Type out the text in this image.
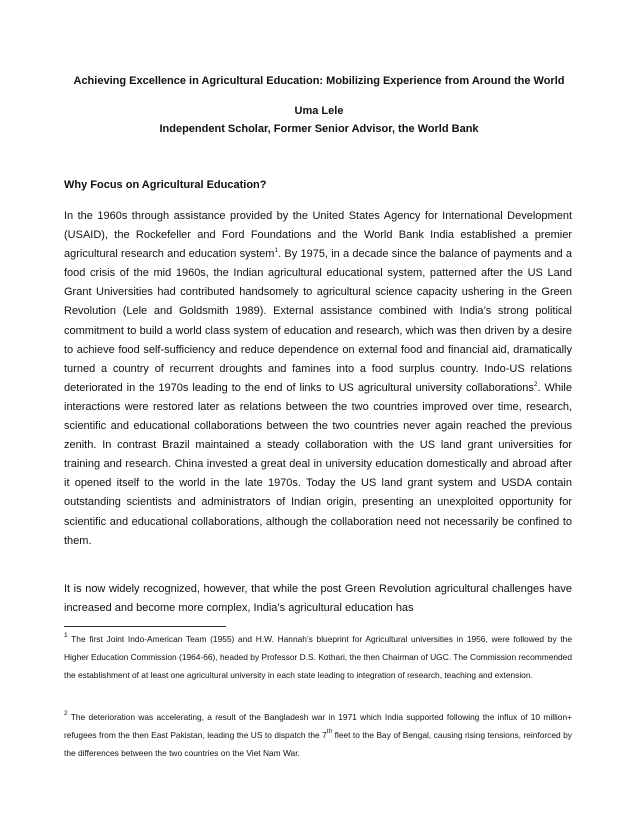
Achieving Excellence in Agricultural Education: Mobilizing Experience from Around the World
Uma Lele
Independent Scholar, Former Senior Advisor, the World Bank
Why Focus on Agricultural Education?

In the 1960s through assistance provided by the United States Agency for International Development (USAID), the Rockefeller and Ford Foundations and the World Bank India established a premier agricultural research and education system$^1$. By 1975, in a decade since the balance of payments and a food crisis of the mid 1960s, the Indian agricultural educational system, patterned after the US Land Grant Universities had contributed handsomely to agricultural science capacity ushering in the Green Revolution (Lele and Goldsmith 1989). External assistance combined with India’s strong political commitment to build a world class system of education and research, which was then driven by a desire to achieve food self-sufficiency and reduce dependence on external food and financial aid, dramatically turned a country of recurrent droughts and famines into a food surplus country. Indo-US relations deteriorated in the 1970s leading to the end of links to US agricultural university collaborations$^2$. While interactions were restored later as relations between the two countries improved over time, research, scientific and educational collaborations between the two countries never again reached the previous zenith. In contrast Brazil maintained a steady collaboration with the US land grant universities for training and research. China invested a great deal in university education domestically and abroad after it opened itself to the world in the late 1970s. Today the US land grant system and USDA contain outstanding scientists and administrators of Indian origin, presenting an unexploited opportunity for scientific and educational collaborations, although the collaboration need not necessarily be confined to them.

It is now widely recognized, however, that while the post Green Revolution agricultural challenges have increased and become more complex, India’s agricultural education has

$^1$ The first Joint Indo-American Team (1955) and H.W. Hannah’s blueprint for Agricultural universities in 1956, were followed by the Higher Education Commission (1964-66), headed by Professor D.S. Kothari, the then Chairman of UGC. The Commission recommended the establishment of at least one agricultural university in each state leading to integration of research, teaching and extension.

$^2$ The deterioration was accelerating, a result of the Bangladesh war in 1971 which India supported following the influx of 10 million+ refugees from the then East Pakistan, leading the US to dispatch the 7th fleet to the Bay of Bengal, causing rising tensions, reinforced by the differences between the two countries on the Viet Nam War.
